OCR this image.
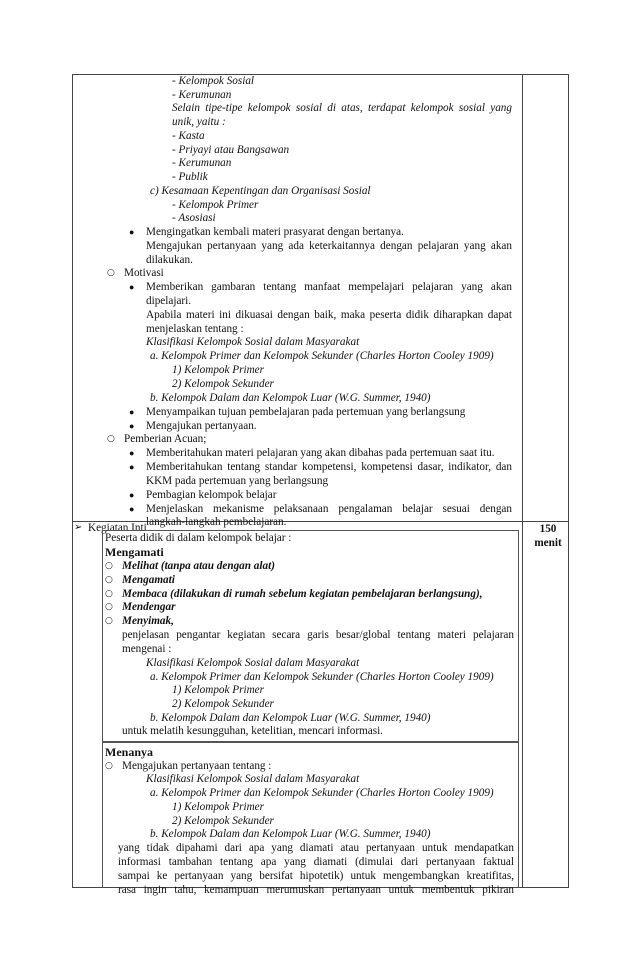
- Kelompok Sosial
- Kerumunan
Selain tipe-tipe kelompok sosial di atas, terdapat kelompok sosial yang
unik, yaitu :
- Kasta
- Priyayi atau Bangsawan
- Kerumunan
- Publik
c) Kesamaan Kepentingan dan Organisasi Sosial
- Kelompok Primer
- Asosiasi
● Mengingatkan kembali materi prasyarat dengan bertanya.
Mengajukan pertanyaan yang ada keterkaitannya dengan pelajaran yang akan
dilakukan.
○ Motivasi
● Memberikan gambaran tentang manfaat mempelajari pelajaran yang akan
dipelajari.
Apabila materi ini dikuasai dengan baik, maka peserta didik diharapkan dapat
menjelaskan tentang :
Klasifikasi Kelompok Sosial dalam Masyarakat
a. Kelompok Primer dan Kelompok Sekunder (Charles Horton Cooley 1909)
1) Kelompok Primer
2) Kelompok Sekunder
b. Kelompok Dalam dan Kelompok Luar (W.G. Summer, 1940)
● Menyampaikan tujuan pembelajaran pada pertemuan yang berlangsung
● Mengajukan pertanyaan.
○ Pemberian Acuan;
● Memberitahukan materi pelajaran yang akan dibahas pada pertemuan saat itu.
● Memberitahukan tentang standar kompetensi, kompetensi dasar, indikator, dan
KKM pada pertemuan yang berlangsung
● Pembagian kelompok belajar
● Menjelaskan mekanisme pelaksanaan pengalaman belajar sesuai dengan
langkah-langkah pembelajaran.
➢ Kegiatan Inti	150
menit
Peserta didik di dalam kelompok belajar :
Mengamati
○ Melihat (tanpa atau dengan alat)
○ Mengamati
○ Membaca (dilakukan di rumah sebelum kegiatan pembelajaran berlangsung),
○ Mendengar
○ Menyimak,
penjelasan pengantar kegiatan secara garis besar/global tentang materi pelajaran
mengenai :
Klasifikasi Kelompok Sosial dalam Masyarakat
a. Kelompok Primer dan Kelompok Sekunder (Charles Horton Cooley 1909)
1) Kelompok Primer
2) Kelompok Sekunder
b. Kelompok Dalam dan Kelompok Luar (W.G. Summer, 1940)
untuk melatih kesungguhan, ketelitian, mencari informasi.
Menanya
○ Mengajukan pertanyaan tentang :
Klasifikasi Kelompok Sosial dalam Masyarakat
a. Kelompok Primer dan Kelompok Sekunder (Charles Horton Cooley 1909)
1) Kelompok Primer
2) Kelompok Sekunder
b. Kelompok Dalam dan Kelompok Luar (W.G. Summer, 1940)
yang tidak dipahami dari apa yang diamati atau pertanyaan untuk mendapatkan
informasi tambahan tentang apa yang diamati (dimulai dari pertanyaan faktual
sampai ke pertanyaan yang bersifat hipotetik) untuk mengembangkan kreatifitas,
rasa ingin tahu, kemampuan merumuskan pertanyaan untuk membentuk pikiran
